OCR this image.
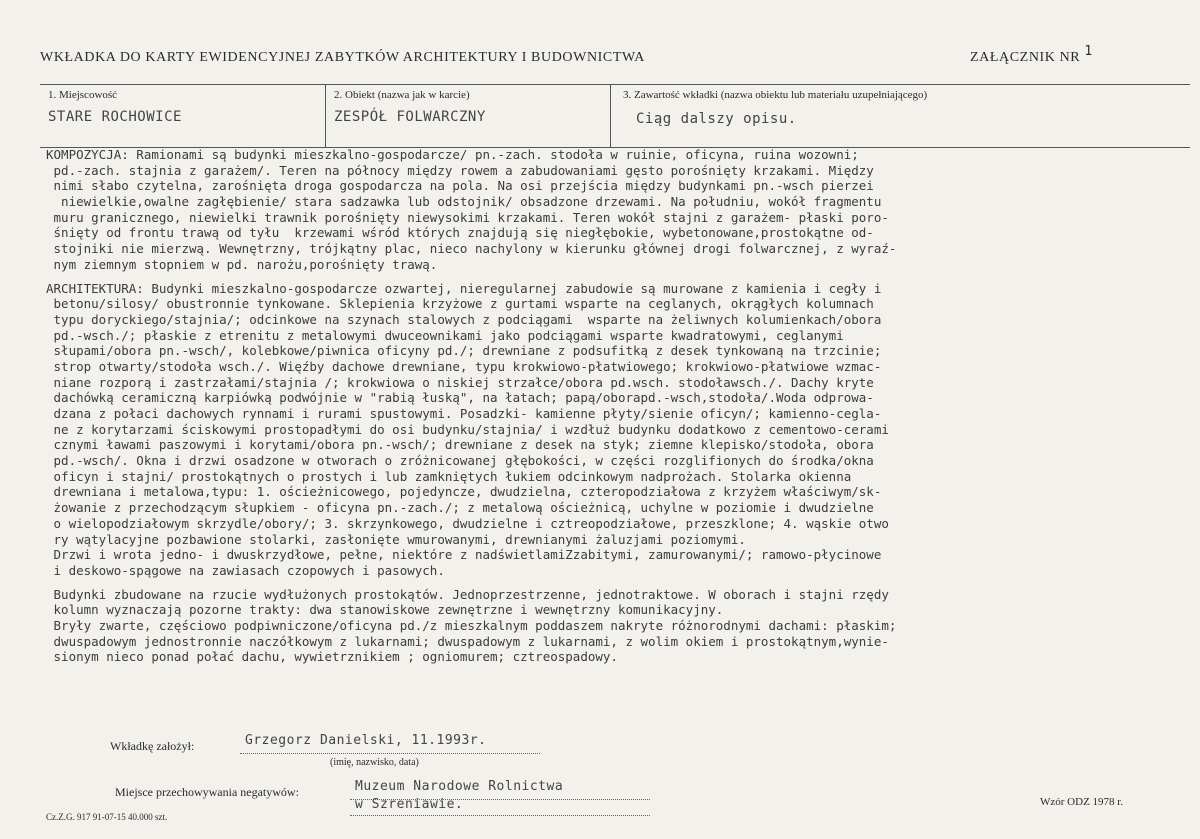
WKŁADKA DO KARTY EWIDENCYJNEJ ZABYTKÓW ARCHITEKTURY I BUDOWNICTWA	ZAŁĄCZNIK NR 1
1. Miejscowość
STARE ROCHOWICE
2. Obiekt (nazwa jak w karcie)
ZESPÓŁ FOLWARCZNY
3. Zawartość wkładki (nazwa obiektu lub materiału uzupełniającego)
Ciąg dalszy opisu.
KOMPOZYCJA: Ramionami są budynki mieszkalno-gospodarcze/ pn.-zach. stodoła w ruinie, oficyna, ruina wozowni;
pd.-zach. stajnia z garażem/. Teren na północy między rowem a zabudowaniami gęsto porośnięty krzakami. Między
nimi słabo czytelna, zarośnięta droga gospodarcza na pola. Na osi przejścia między budynkami pn.-wsch pierzei
niewielkie,owalne zagłębienie/ stara sadzawka lub odstojnik/ obsadzone drzewami. Na południu, wokół fragmentu
muru granicznego, niewielki trawnik porośnięty niewysokimi krzakami. Teren wokół stajni z garażem- płaski poro-
śnięty od frontu trawą od tyłu  krzewami wśród których znajdują się niegłębokie, wybetonowane,prostokątne od-
stojniki nie mierzwą. Wewnętrzny, trójkątny plac, nieco nachylony w kierunku głównej drogi folwarcznej, z wyraź-
nym ziemnym stopniem w pd. narożu,porośnięty trawą.
ARCHITEKTURA: Budynki mieszkalno-gospodarcze ozwartej, nieregularnej zabudowie są murowane z kamienia i cegły i
betonu/silosy/ obustronnie tynkowane. Sklepienia krzyżowe z gurtami wsparte na ceglanych, okrągłych kolumnach
typu doryckiego/stajnia/; odcinkowe na szynach stalowych z podciągami  wsparte na żeliwnych kolumienkach/obora
pd.-wsch./; płaskie z etrenitu z metalowymi dwuceownikami jako podciągami wsparte kwadratowymi, ceglanymi
słupami/obora pn.-wsch/, kolebkowe/piwnica oficyny pd./; drewniane z podsufitką z desek tynkowaną na trzcinie;
strop otwarty/stodoła wsch./. Więźby dachowe drewniane, typu krokwiowo-płatwiowego; krokwiowo-płatwiowe wzmac-
niane rozporą i zastrzałami/stajnia /; krokwiowa o niskiej strzałce/obora pd.wsch. stodoławsch./. Dachy kryte
dachówką ceramiczną karpiówką podwójnie w "rabią łuską", na łatach; papą/oborapd.-wsch,stodoła/.Woda odprowa-
dzana z połaci dachowych rynnami i rurami spustowymi. Posadzki- kamienne płyty/sienie oficyn/; kamienno-cegla-
ne z korytarzami ściskowymi prostopadłymi do osi budynku/stajnia/ i wzdłuż budynku dodatkowo z cementowo-cerami
cznymi ławami paszowymi i korytami/obora pn.-wsch/; drewniane z desek na styk; ziemne klepisko/stodoła, obora
pd.-wsch/. Okna i drzwi osadzone w otworach o zróżnicowanej głębokości, w części rozglifionych do środka/okna
oficyn i stajni/ prostokątnych o prostych i lub zamkniętych łukiem odcinkowym nadprożach. Stolarka okienna
drewniana i metalowa,typu: 1. ościeżnicowego, pojedyncze, dwudzielna, czteropodziałowa z krzyżem właściwym/sk-
żowanie z przechodzącym słupkiem - oficyna pn.-zach./; z metalową ościeżnicą, uchylne w poziomie i dwudzielne
o wielopodziałowym skrzydle/obory/; 3. skrzynkowego, dwudzielne i cztreopodziałowe, przeszklone; 4. wąskie otwo
ry wątylacyjne pozbawione stolarki, zasłonięte wmurowanymi, drewnianymi żaluzjami poziomymi.
Drzwi i wrota jedno- i dwuskrzydłowe, pełne, niektóre z nadświetlamiZzabitymi, zamurowanymi/; ramowo-płycinowe
i deskowo-spągowe na zawiasach czopowych i pasowych.
Budynki zbudowane na rzucie wydłużonych prostokątów. Jednoprzestrzenne, jednotraktowe. W oborach i stajni rzędy
kolumn wyznaczają pozorne trakty: dwa stanowiskowe zewnętrzne i wewnętrzny komunikacyjny.
Bryły zwarte, częściowo podpiwniczone/oficyna pd./z mieszkalnym poddaszem nakryte różnorodnymi dachami: płaskim;
dwuspadowym jednostronnie naczółkowym z lukarnami; dwuspadowym z lukarnami, z wolim okiem i prostokątnym,wynie-
sionym nieco ponad połać dachu, wywietrznikiem ; ogniomurem; cztreospadowy.
Wkładkę założył:	Grzegorz Danielski, 11.1993r.
(imię, nazwisko, data)
Miejsce przechowywania negatywów:	Muzeum Narodowe Rolnictwa
w Szreniawie.
Cz.Z.G. 917 91-07-15 40.000 szt.
Wzór ODZ 1978 r.
